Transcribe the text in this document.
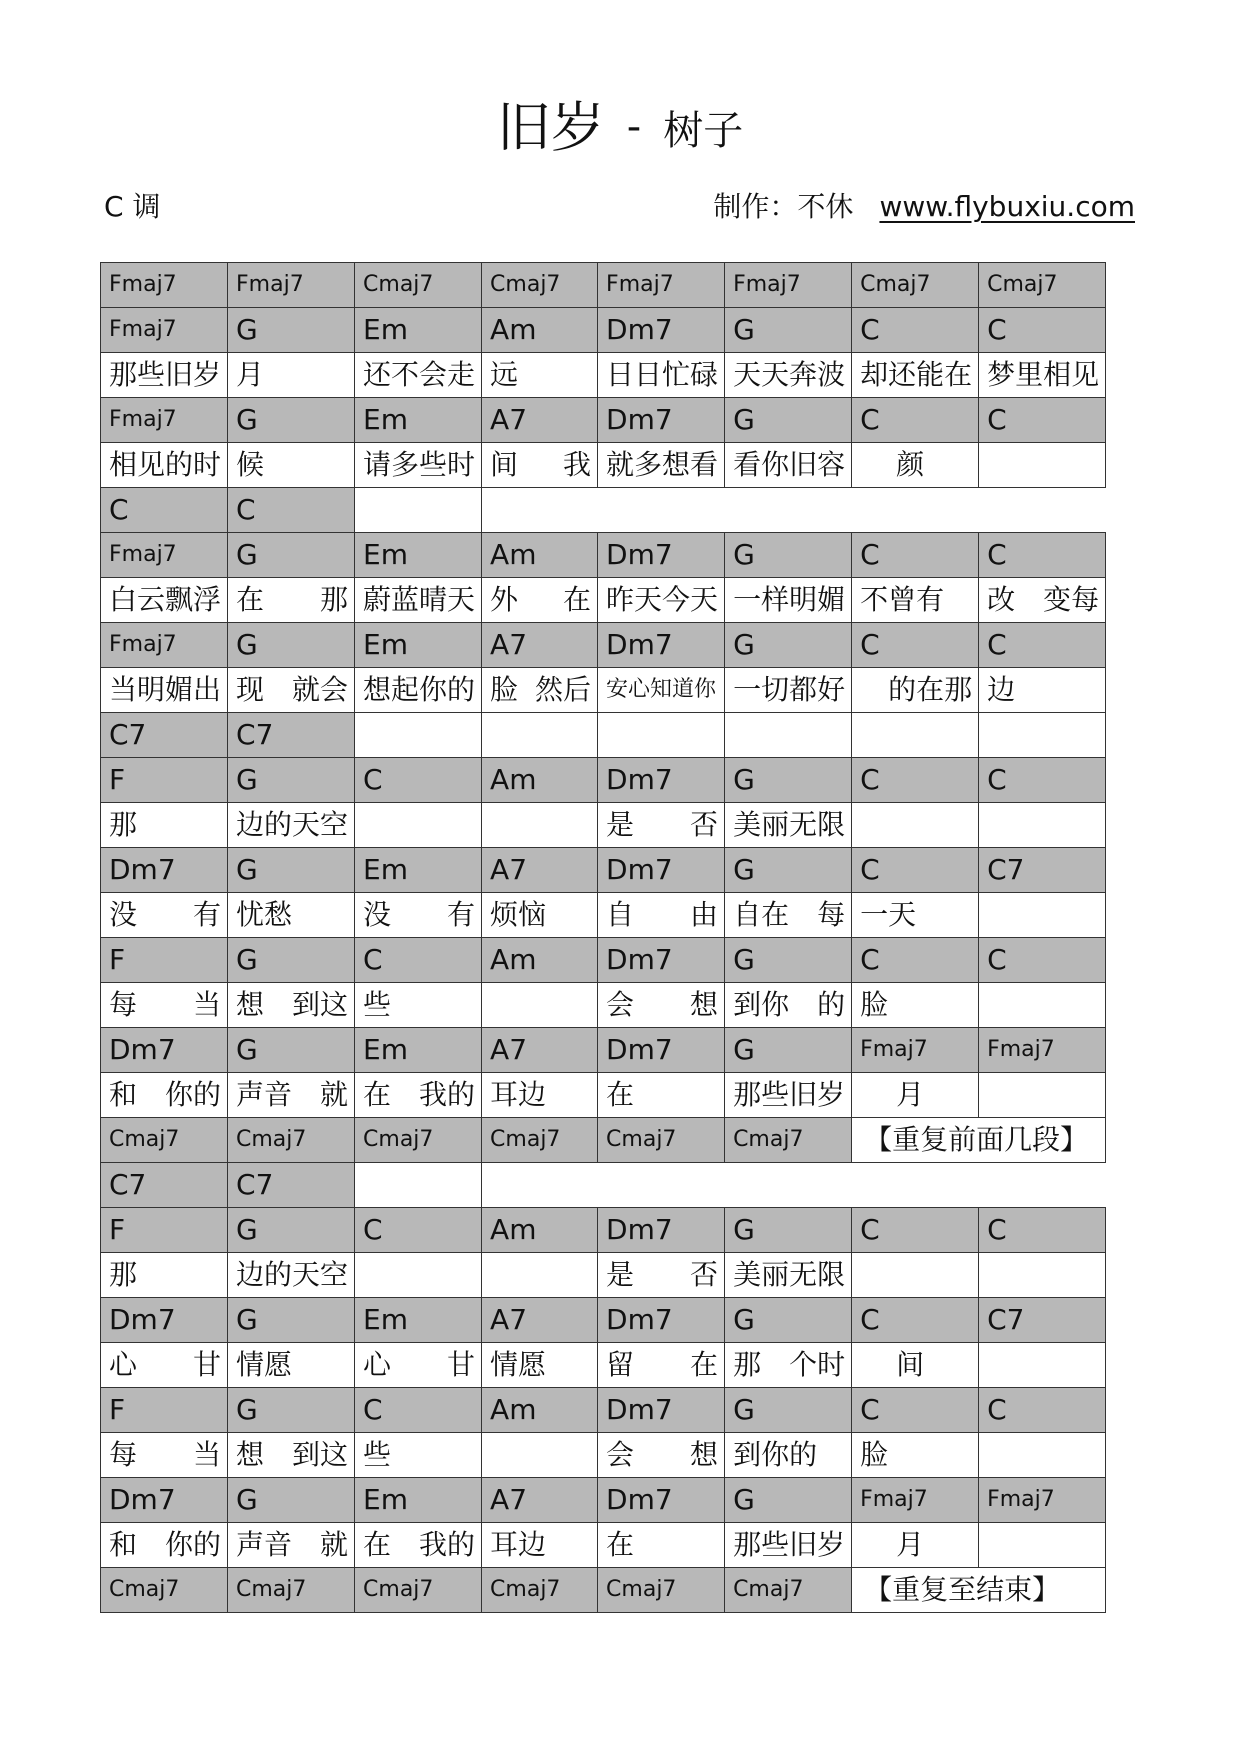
旧岁 - 树子
C 调	制作：不休 www.flybuxiu.com
Fmaj7	Fmaj7	Cmaj7	Cmaj7	Fmaj7	Fmaj7	Cmaj7	Cmaj7
Fmaj7	G	Em	Am	Dm7	G	C	C
那些旧岁	月	还不会走	远	日日忙碌	天天奔波	却还能在	梦里相见
Fmaj7	G	Em	A7	Dm7	G	C	C
相见的时	候	请多些时	间 我	就多想看	看你旧容	颜	
C	C						
Fmaj7	G	Em	Am	Dm7	G	C	C
白云飘浮	在 那	蔚蓝晴天	外 在	昨天今天	一样明媚	不曾有	改 变每

Fmaj7	G	Em	A7	Dm7	G	C	C
当明媚出	现 就会	想起你的	脸 然后	安心知道你	一切都好	的在那	边
C7	C7						
F	G	C	Am	Dm7	G	C	C
那	边的天空			是 否	美丽无限		
Dm7	G	Em	A7	Dm7	G	C	C7

没 有	忧愁	没 有	烦恼	自 由	自在 每	一天	
F	G	C	Am	Dm7	G	C	C

每 当	想 到这	些		会 想	到你 的	脸	
Dm7	G	Em	A7	Dm7	G	Fmaj7	Fmaj7

和 你的	声音 就	在 我的	耳边	在	那些旧岁	月	
Cmaj7	Cmaj7	Cmaj7	Cmaj7	Cmaj7	Cmaj7	【重复前面几段】	
C7	C7						
F	G	C	Am	Dm7	G	C	C
那	边的天空			是 否	美丽无限		
Dm7	G	Em	A7	Dm7	G	C	C7

心 甘	情愿	心 甘	情愿	留 在	那 个时	间	
F	G	C	Am	Dm7	G	C	C

每 当	想 到这	些		会 想	到你的	脸	
Dm7	G	Em	A7	Dm7	G	Fmaj7	Fmaj7

和 你的	声音 就	在 我的	耳边	在	那些旧岁	月	
Cmaj7	Cmaj7	Cmaj7	Cmaj7	Cmaj7	Cmaj7	【重复至结束】	
